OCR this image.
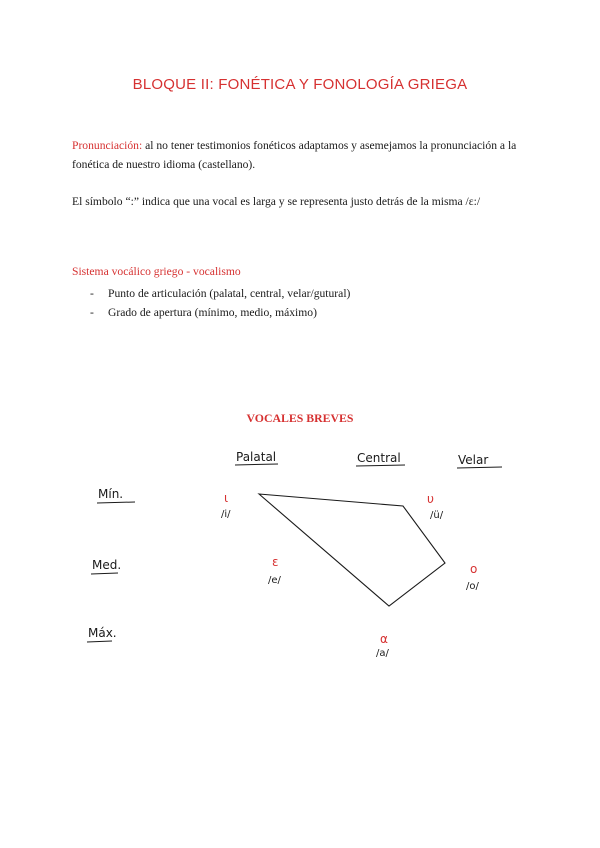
BLOQUE II: FONÉTICA Y FONOLOGÍA GRIEGA
Pronunciación: al no tener testimonios fonéticos adaptamos y asemejamos la pronunciación a la
fonética de nuestro idioma (castellano).
El símbolo “:” indica que una vocal es larga y se representa justo detrás de la misma /ɛ:/
Sistema vocálico griego - vocalismo
- Punto de articulación (palatal, central, velar/gutural)
- Grado de apertura (mínimo, medio, máximo)
VOCALES BREVES
Palatal	Central	Velar
Mín.
Med.
Máx.
ι
/i/
υ
/ü/
ε
/e/
ο
/o/
α
/a/
